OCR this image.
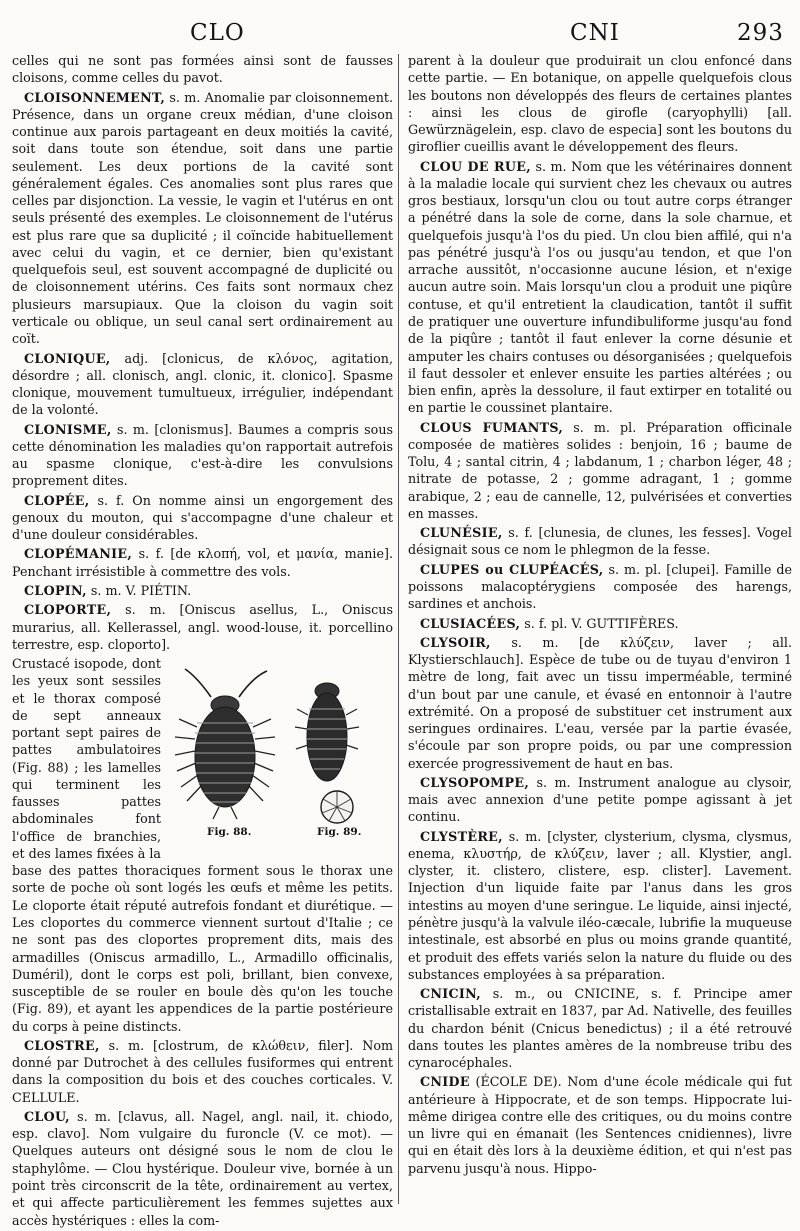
CLO	CNI	293

celles qui ne sont pas formées ainsi sont de fausses cloisons, comme celles du pavot.

CLOISONNEMENT, s. m. Anomalie par cloisonnement. Présence, dans un organe creux médian, d'une cloison continue aux parois partageant en deux moitiés la cavité, soit dans toute son étendue, soit dans une partie seulement. Les deux portions de la cavité sont généralement égales. Ces anomalies sont plus rares que celles par disjonction. La vessie, le vagin et l'utérus en ont seuls présenté des exemples. Le cloisonnement de l'utérus est plus rare que sa duplicité ; il coïncide habituellement avec celui du vagin, et ce dernier, bien qu'existant quelquefois seul, est souvent accompagné de duplicité ou de cloisonnement utérins. Ces faits sont normaux chez plusieurs marsupiaux. Que la cloison du vagin soit verticale ou oblique, un seul canal sert ordinairement au coït.

CLONIQUE, adj. [clonicus, de κλόνος, agitation, désordre ; all. clonisch, angl. clonic, it. clonico]. Spasme clonique, mouvement tumultueux, irrégulier, indépendant de la volonté.

CLONISME, s. m. [clonismus]. Baumes a compris sous cette dénomination les maladies qu'on rapportait autrefois au spasme clonique, c'est-à-dire les convulsions proprement dites.

CLOPÉE, s. f. On nomme ainsi un engorgement des genoux du mouton, qui s'accompagne d'une chaleur et d'une douleur considérables.

CLOPÉMANIE, s. f. [de κλοπή, vol, et μανία, manie]. Penchant irrésistible à commettre des vols.

CLOPIN, s. m. V. PIÉTIN.

CLOPORTE, s. m. [Oniscus asellus, L., Oniscus murarius, all. Kellerassel, angl. wood-louse, it. porcellino terrestre, esp. cloporto].

Fig. 88.	Fig. 89.
Crustacé isopode, dont les yeux sont sessiles et le thorax composé de sept anneaux portant sept paires de pattes ambulatoires (Fig. 88) ; les lamelles qui terminent les fausses pattes abdominales font l'office de branchies, et des lames fixées à la base des pattes thoraciques forment sous le thorax une sorte de poche où sont logés les œufs et même les petits. Le cloporte était réputé autrefois fondant et diurétique. — Les cloportes du commerce viennent surtout d'Italie ; ce ne sont pas des cloportes proprement dits, mais des armadilles (Oniscus armadillo, L., Armadillo officinalis, Duméril), dont le corps est poli, brillant, bien convexe, susceptible de se rouler en boule dès qu'on les touche (Fig. 89), et ayant les appendices de la partie postérieure du corps à peine distincts.

CLOSTRE, s. m. [clostrum, de κλώθειν, filer]. Nom donné par Dutrochet à des cellules fusiformes qui entrent dans la composition du bois et des couches corticales. V. CELLULE.

CLOU, s. m. [clavus, all. Nagel, angl. nail, it. chiodo, esp. clavo]. Nom vulgaire du furoncle (V. ce mot). — Quelques auteurs ont désigné sous le nom de clou le staphylôme. — Clou hystérique. Douleur vive, bornée à un point très circonscrit de la tête, ordinairement au vertex, et qui affecte particulièrement les femmes sujettes aux accès hystériques : elles la com-

parent à la douleur que produirait un clou enfoncé dans cette partie. — En botanique, on appelle quelquefois clous les boutons non développés des fleurs de certaines plantes : ainsi les clous de girofle (caryophylli) [all. Gewürznägelein, esp. clavo de especia] sont les boutons du giroflier cueillis avant le développement des fleurs.

CLOU DE RUE, s. m. Nom que les vétérinaires donnent à la maladie locale qui survient chez les chevaux ou autres gros bestiaux, lorsqu'un clou ou tout autre corps étranger a pénétré dans la sole de corne, dans la sole charnue, et quelquefois jusqu'à l'os du pied. Un clou bien affilé, qui n'a pas pénétré jusqu'à l'os ou jusqu'au tendon, et que l'on arrache aussitôt, n'occasionne aucune lésion, et n'exige aucun autre soin. Mais lorsqu'un clou a produit une piqûre contuse, et qu'il entretient la claudication, tantôt il suffit de pratiquer une ouverture infundibuliforme jusqu'au fond de la piqûre ; tantôt il faut enlever la corne désunie et amputer les chairs contuses ou désorganisées ; quelquefois il faut dessoler et enlever ensuite les parties altérées ; ou bien enfin, après la dessolure, il faut extirper en totalité ou en partie le coussinet plantaire.

CLOUS FUMANTS, s. m. pl. Préparation officinale composée de matières solides : benjoin, 16 ; baume de Tolu, 4 ; santal citrin, 4 ; labdanum, 1 ; charbon léger, 48 ; nitrate de potasse, 2 ; gomme adragant, 1 ; gomme arabique, 2 ; eau de cannelle, 12, pulvérisées et converties en masses.

CLUNÉSIE, s. f. [clunesia, de clunes, les fesses]. Vogel désignait sous ce nom le phlegmon de la fesse.

CLUPES ou CLUPÉACÉS, s. m. pl. [clupei]. Famille de poissons malacoptérygiens composée des harengs, sardines et anchois.

CLUSIACÉES, s. f. pl. V. GUTTIFÈRES.

CLYSOIR, s. m. [de κλύζειν, laver ; all. Klystierschlauch]. Espèce de tube ou de tuyau d'environ 1 mètre de long, fait avec un tissu imperméable, terminé d'un bout par une canule, et évasé en entonnoir à l'autre extrémité. On a proposé de substituer cet instrument aux seringues ordinaires. L'eau, versée par la partie évasée, s'écoule par son propre poids, ou par une compression exercée progressivement de haut en bas.

CLYSOPOMPE, s. m. Instrument analogue au clysoir, mais avec annexion d'une petite pompe agissant à jet continu.

CLYSTÈRE, s. m. [clyster, clysterium, clysma, clysmus, enema, κλυστήρ, de κλύζειν, laver ; all. Klystier, angl. clyster, it. clistero, clistere, esp. clister]. Lavement. Injection d'un liquide faite par l'anus dans les gros intestins au moyen d'une seringue. Le liquide, ainsi injecté, pénètre jusqu'à la valvule iléo-cæcale, lubrifie la muqueuse intestinale, est absorbé en plus ou moins grande quantité, et produit des effets variés selon la nature du fluide ou des substances employées à sa préparation.

CNICIN, s. m., ou CNICINE, s. f. Principe amer cristallisable extrait en 1837, par Ad. Nativelle, des feuilles du chardon bénit (Cnicus benedictus) ; il a été retrouvé dans toutes les plantes amères de la nombreuse tribu des cynarocéphales.

CNIDE (ÉCOLE DE). Nom d'une école médicale qui fut antérieure à Hippocrate, et de son temps. Hippocrate lui-même dirigea contre elle des critiques, ou du moins contre un livre qui en émanait (les Sentences cnidiennes), livre qui en était dès lors à la deuxième édition, et qui n'est pas parvenu jusqu'à nous. Hippo-
